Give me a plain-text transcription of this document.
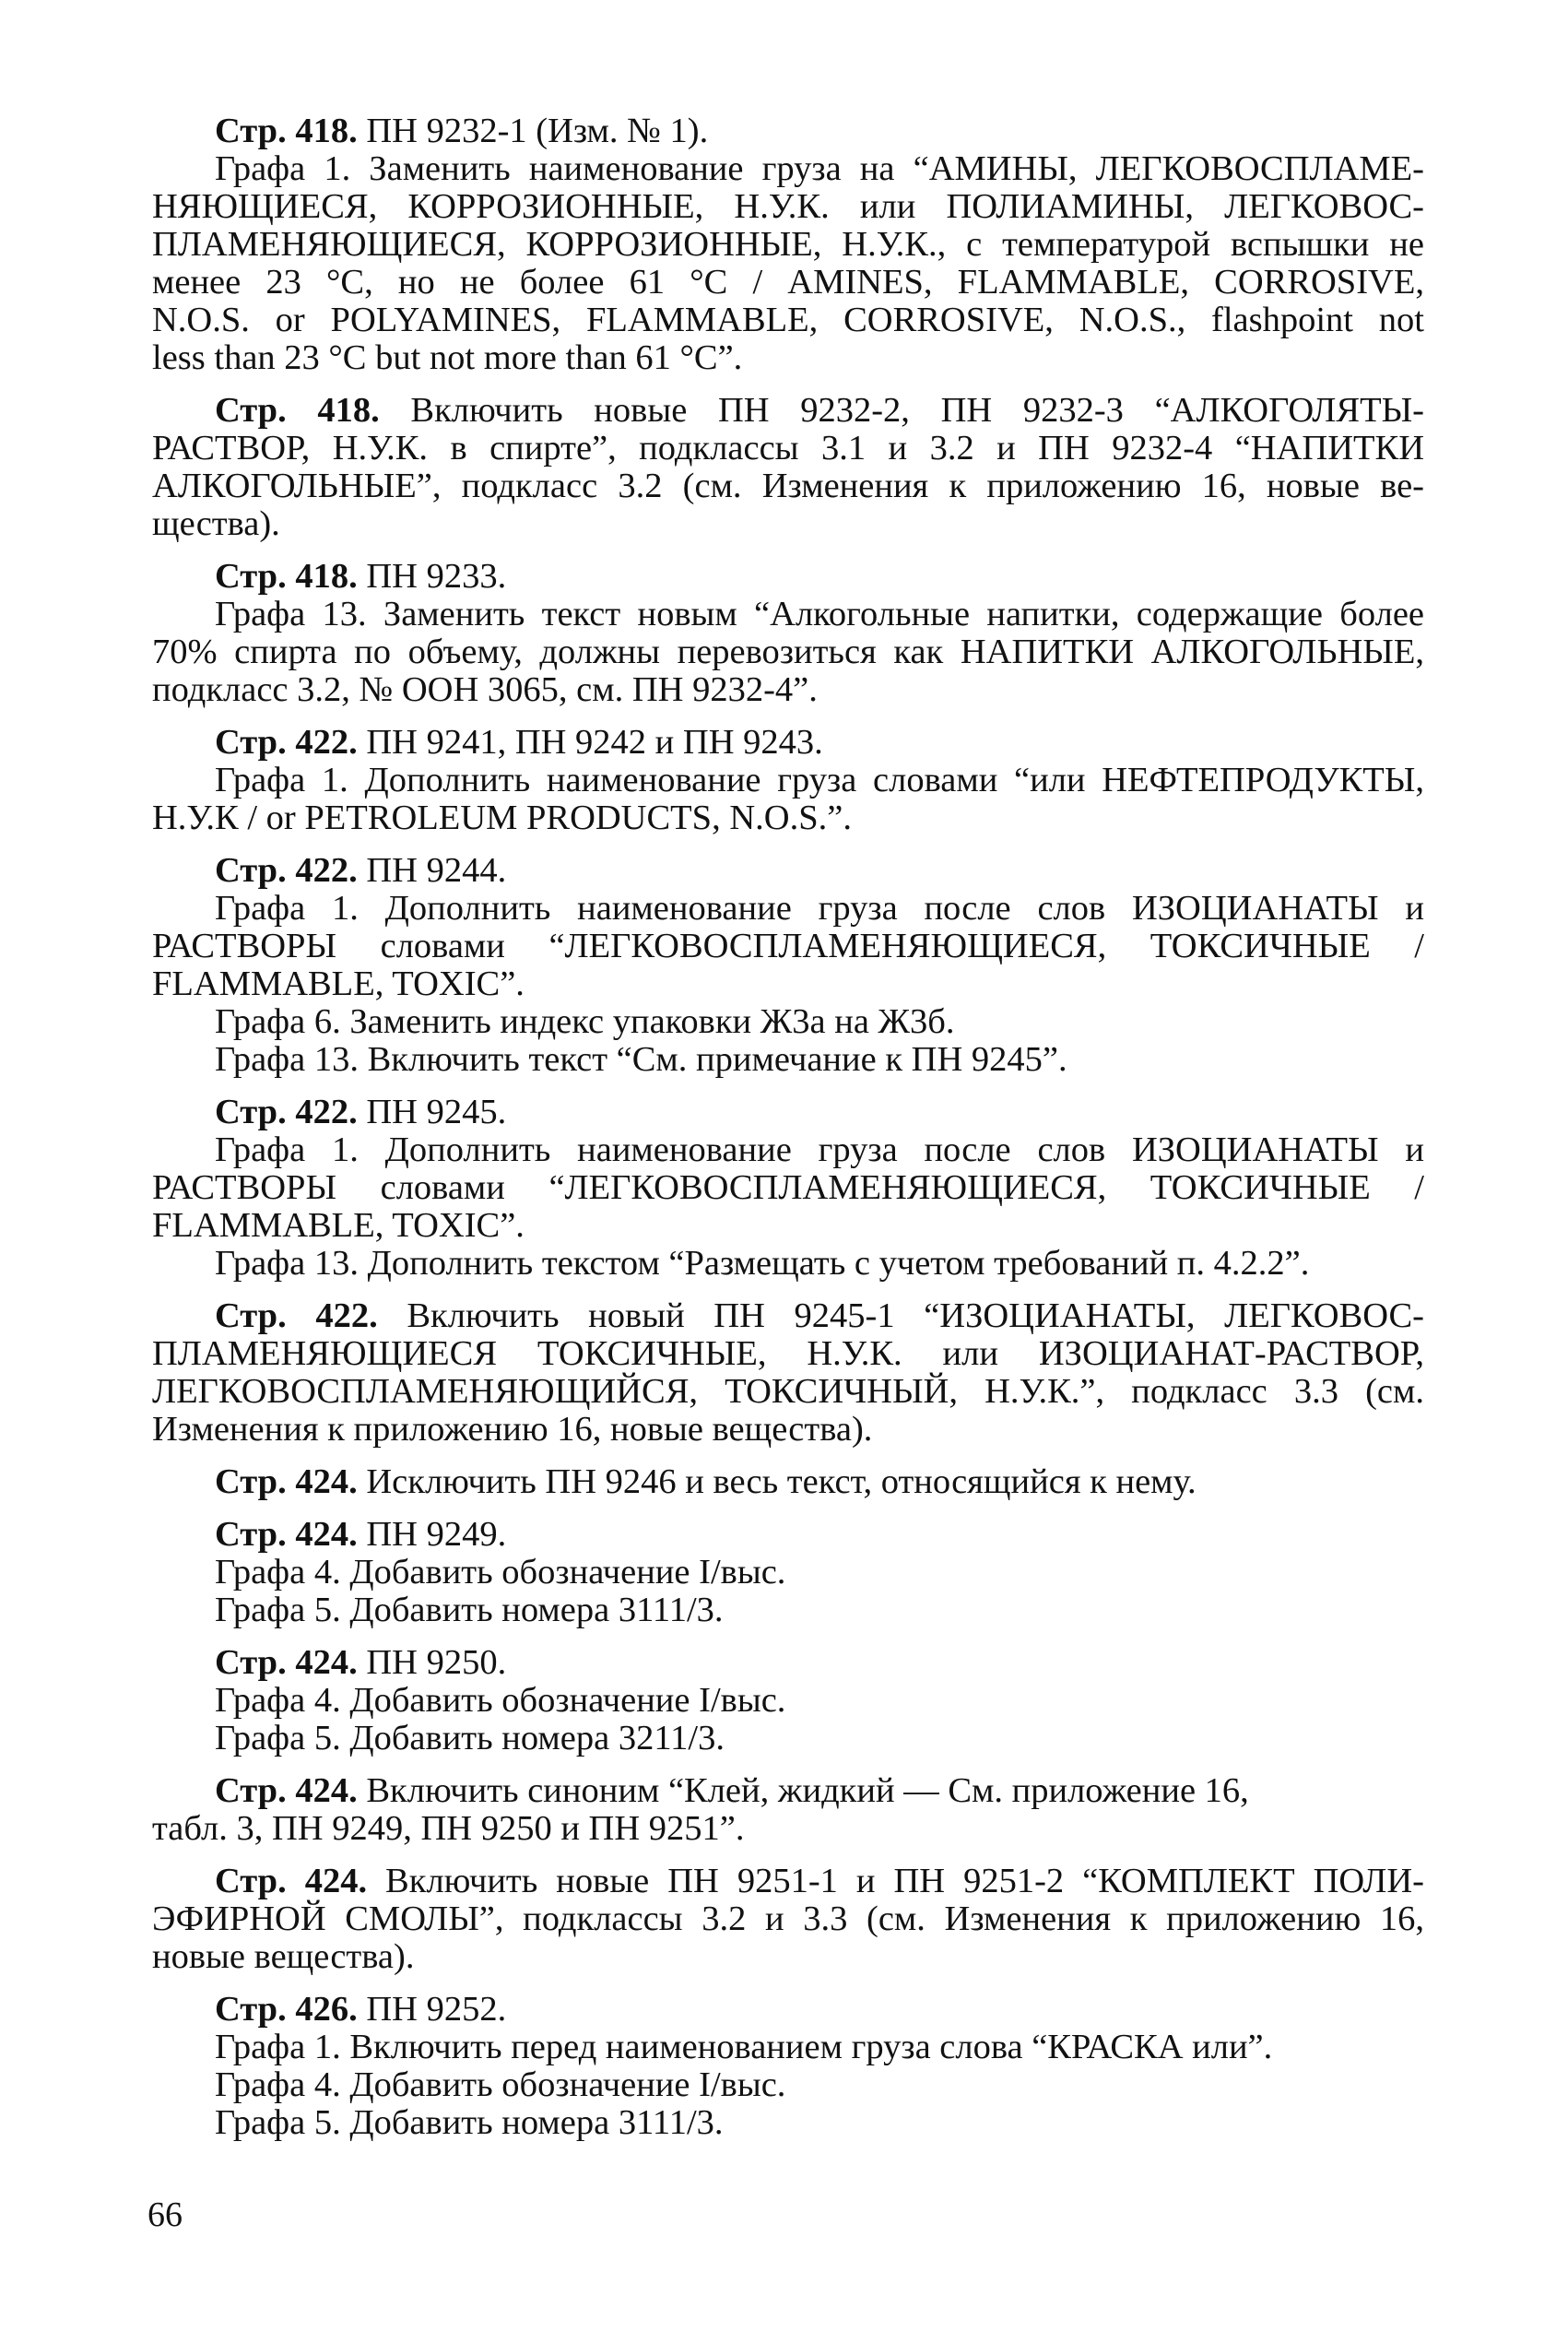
Стр. 418. ПН 9232-1 (Изм. № 1).
Графа 1. Заменить наименование груза на “АМИНЫ, ЛЕГКОВОСПЛАМЕ-
НЯЮЩИЕСЯ, КОРРОЗИОННЫЕ, Н.У.К. или ПОЛИАМИНЫ, ЛЕГКОВОС-
ПЛАМЕНЯЮЩИЕСЯ, КОРРОЗИОННЫЕ, Н.У.К., с температурой вспышки не
менее 23 °С, но не более 61 °С / AMINES, FLAMMABLE, CORROSIVE,
N.O.S. or POLYAMINES, FLAMMABLE, CORROSIVE, N.O.S., flashpoint not
less than 23 °С but not more than 61 °С”.
Стр. 418. Включить новые ПН 9232-2, ПН 9232-3 “АЛКОГОЛЯТЫ-
РАСТВОР, Н.У.К. в спирте”, подклассы 3.1 и 3.2 и ПН 9232-4 “НАПИТКИ
АЛКОГОЛЬНЫЕ”, подкласс 3.2 (см. Изменения к приложению 16, новые ве-
щества).
Стр. 418. ПН 9233.
Графа 13. Заменить текст новым “Алкогольные напитки, содержащие более
70% спирта по объему, должны перевозиться как НАПИТКИ АЛКОГОЛЬНЫЕ,
подкласс 3.2, № ООН 3065, см. ПН 9232-4”.
Стр. 422. ПН 9241, ПН 9242 и ПН 9243.
Графа 1. Дополнить наименование груза словами “или НЕФТЕПРОДУКТЫ,
Н.У.К / or PETROLEUM PRODUCTS, N.O.S.”.
Стр. 422. ПН 9244.
Графа 1. Дополнить наименование груза после слов ИЗОЦИАНАТЫ и
РАСТВОРЫ словами “ЛЕГКОВОСПЛАМЕНЯЮЩИЕСЯ, ТОКСИЧНЫЕ /
FLAMMABLE, TOXIC”.
Графа 6. Заменить индекс упаковки Ж3а на Ж3б.
Графа 13. Включить текст “См. примечание к ПН 9245”.
Стр. 422. ПН 9245.
Графа 1. Дополнить наименование груза после слов ИЗОЦИАНАТЫ и
РАСТВОРЫ словами “ЛЕГКОВОСПЛАМЕНЯЮЩИЕСЯ, ТОКСИЧНЫЕ /
FLAMMABLE, TOXIC”.
Графа 13. Дополнить текстом “Размещать с учетом требований п. 4.2.2”.
Стр. 422. Включить новый ПН 9245-1 “ИЗОЦИАНАТЫ, ЛЕГКОВОС-
ПЛАМЕНЯЮЩИЕСЯ ТОКСИЧНЫЕ, Н.У.К. или ИЗОЦИАНАТ-РАСТВОР,
ЛЕГКОВОСПЛАМЕНЯЮЩИЙСЯ, ТОКСИЧНЫЙ, Н.У.К.”, подкласс 3.3 (см.
Изменения к приложению 16, новые вещества).
Стр. 424. Исключить ПН 9246 и весь текст, относящийся к нему.
Стр. 424. ПН 9249.
Графа 4. Добавить обозначение I/выс.
Графа 5. Добавить номера 3111/3.
Стр. 424. ПН 9250.
Графа 4. Добавить обозначение I/выс.
Графа 5. Добавить номера 3211/3.
Стр. 424. Включить синоним “Клей, жидкий — См. приложение 16,
табл. 3, ПН 9249, ПН 9250 и ПН 9251”.
Стр. 424. Включить новые ПН 9251-1 и ПН 9251-2 “КОМПЛЕКТ ПОЛИ-
ЭФИРНОЙ СМОЛЫ”, подклассы 3.2 и 3.3 (см. Изменения к приложению 16,
новые вещества).
Стр. 426. ПН 9252.
Графа 1. Включить перед наименованием груза слова “КРАСКА или”.
Графа 4. Добавить обозначение I/выс.
Графа 5. Добавить номера 3111/3.
66
